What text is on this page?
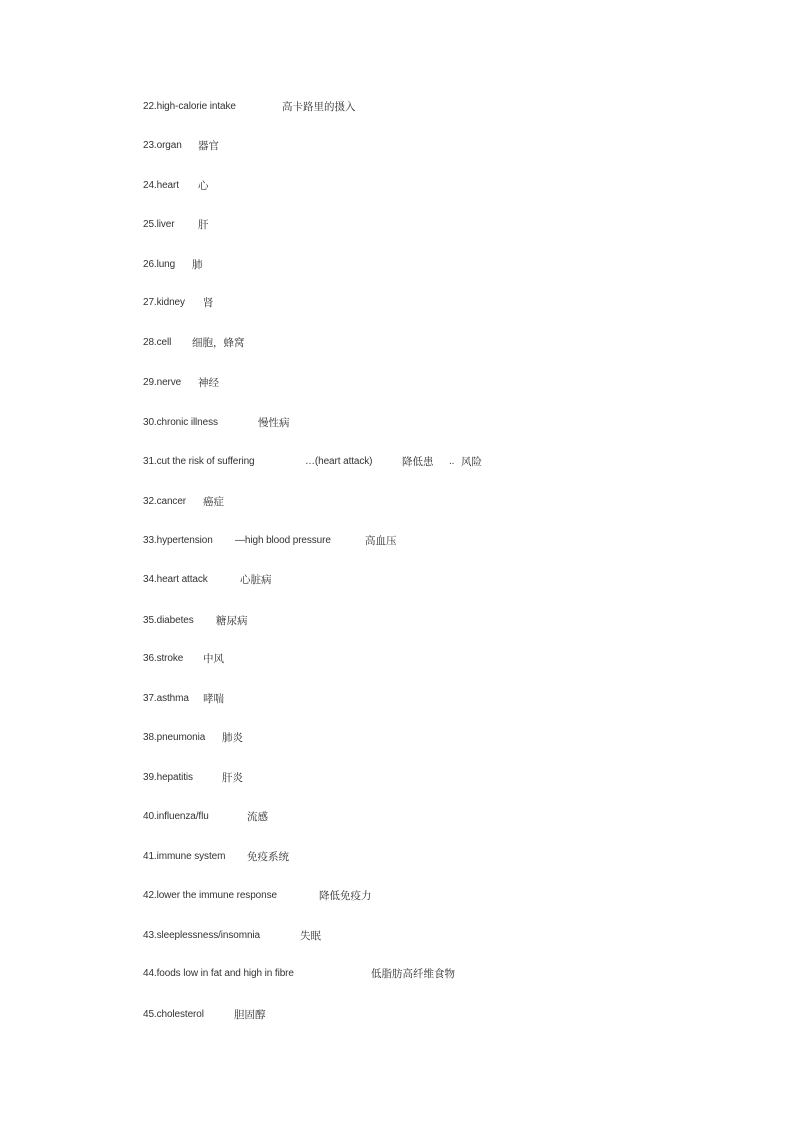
22.high-calorie intake	高卡路里的摄入
23.organ 器官
24.heart 心
25.liver 肝
26.lung 肺
27.kidney 肾
28.cell 细胞，蜂窝
29.nerve 神经
30.chronic illness	慢性病
31.cut the risk of suffering	…(heart attack)	降低患 .. 风险
32.cancer 癌症
33.hypertension —high blood pressure	高血压
34.heart attack	心脏病
35.diabetes 糖尿病
36.stroke 中风
37.asthma 哮喘
38.pneumonia 肺炎
39.hepatitis	肝炎
40.influenza/flu	流感
41.immune system 免疫系统
42.lower the immune response	降低免疫力
43.sleeplessness/insomnia	失眠
44.foods low in fat and high in fibre	低脂肪高纤维食物
45.cholesterol	胆固醇
